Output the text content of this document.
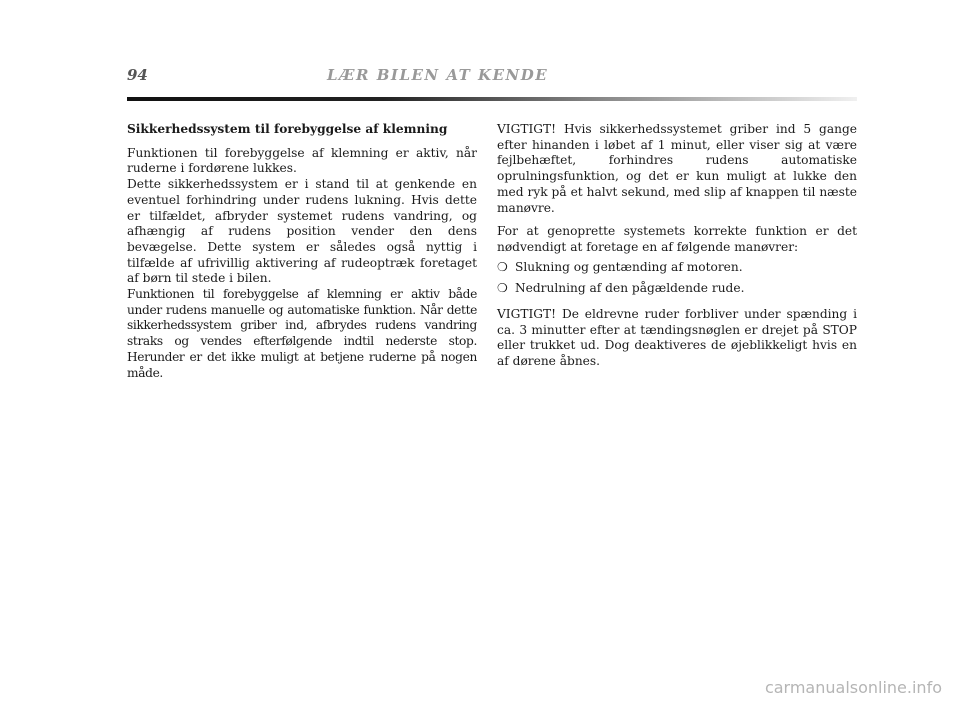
94	LÆR BILEN AT KENDE

Sikkerhedssystem til forebyggelse af klemning

Funktionen til forebyggelse af klemning er aktiv, når ruderne i fordørene lukkes.

Dette sikkerhedssystem er i stand til at genkende en eventuel forhindring under rudens lukning. Hvis dette er tilfældet, afbryder systemet rudens vandring, og afhængig af rudens position vender den dens bevægelse. Dette system er således også nyttig i tilfælde af ufrivillig aktivering af rudeoptræk foretaget af børn til stede i bilen.

Funktionen til forebyggelse af klemning er aktiv både under rudens manuelle og automatiske funktion. Når dette sikkerhedssystem griber ind, afbrydes rudens vandring straks og vendes efterfølgende indtil nederste stop. Herunder er det ikke muligt at betjene ruderne på nogen måde.

VIGTIGT! Hvis sikkerhedssystemet griber ind 5 gange efter hinanden i løbet af 1 minut, eller viser sig at være fejlbehæftet, forhindres rudens automatiske oprulningsfunktion, og det er kun muligt at lukke den med ryk på et halvt sekund, med slip af knappen til næste manøvre.

For at genoprette systemets korrekte funktion er det nødvendigt at foretage en af følgende manøvrer:

❍ Slukning og gentænding af motoren.
❍ Nedrulning af den pågældende rude.

VIGTIGT! De eldrevne ruder forbliver under spænding i ca. 3 minutter efter at tændingsnøglen er drejet på STOP eller trukket ud. Dog deaktiveres de øjeblikkeligt hvis en af dørene åbnes.

carmanualsonline.info
